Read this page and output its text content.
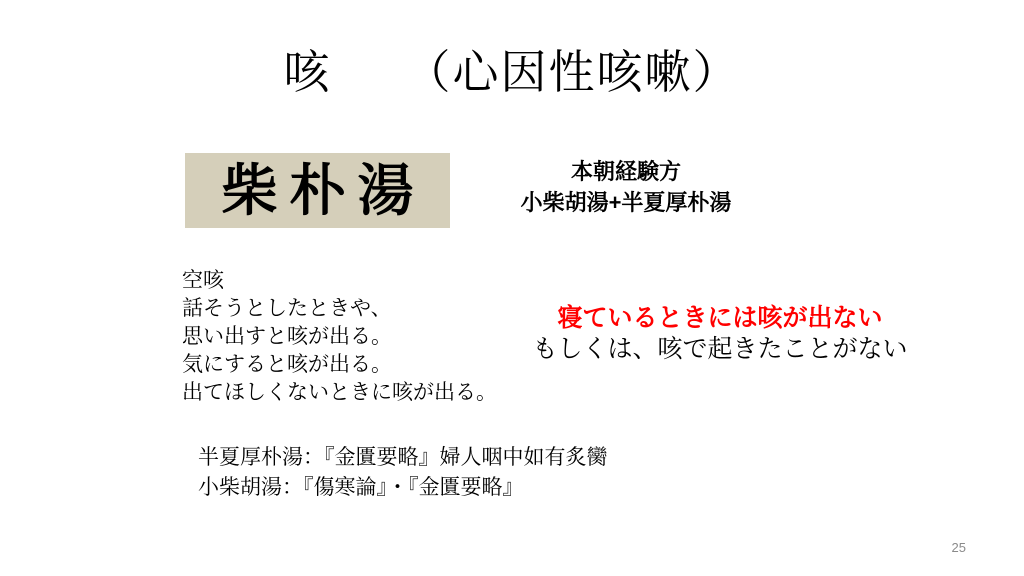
咳　　（心因性咳嗽）
柴朴湯	本朝経験方
小柴胡湯+半夏厚朴湯
空咳
話そうとしたときや、
思い出すと咳が出る。
気にすると咳が出る。
出てほしくないときに咳が出る。
寝ているときには咳が出ない
もしくは、咳で起きたことがない
半夏厚朴湯：『金匱要略』婦人咽中如有炙臠
小柴胡湯：『傷寒論』・『金匱要略』
25
